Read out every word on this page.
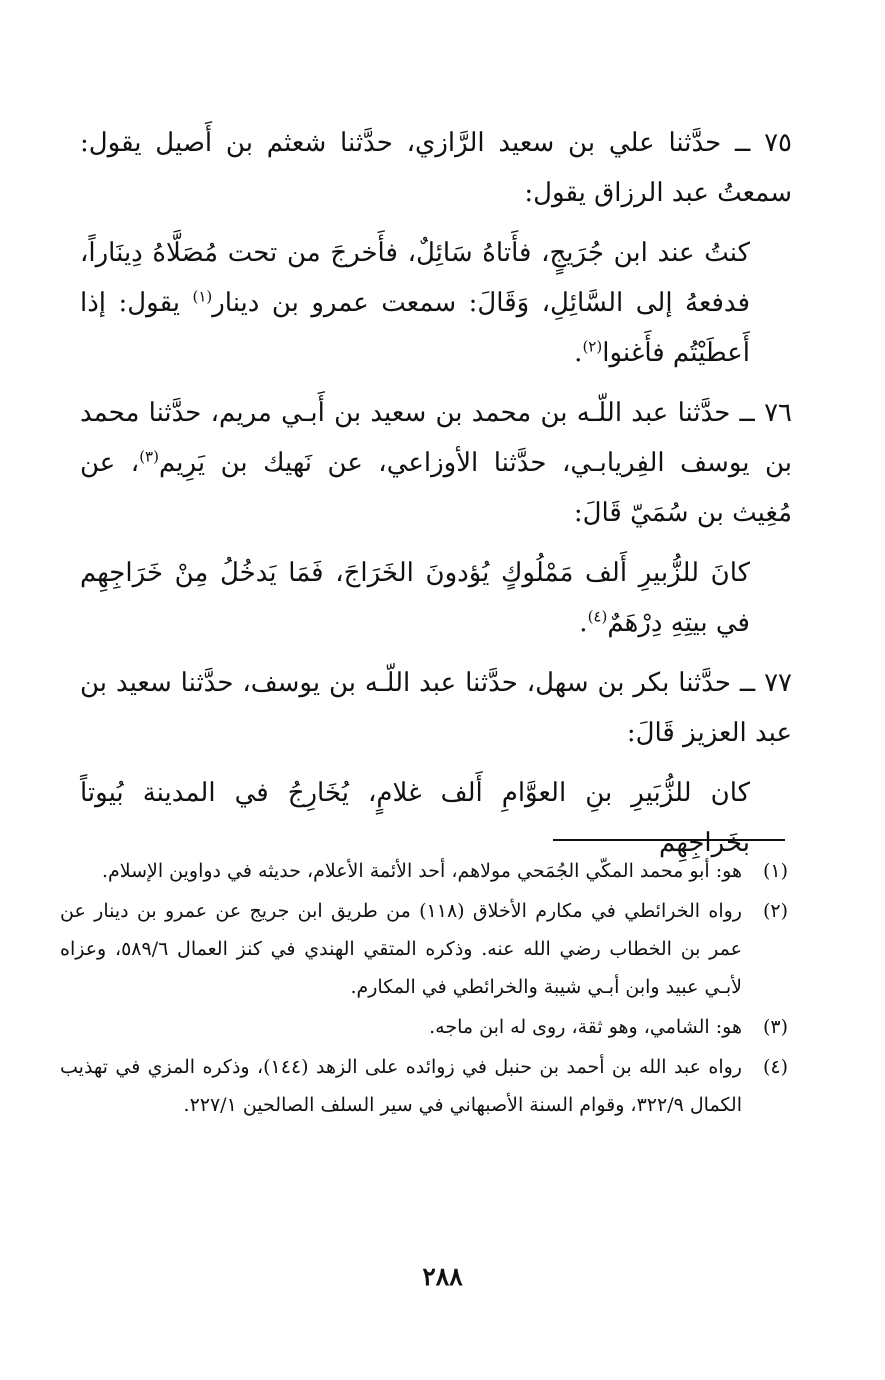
٧٥ ــ حدَّثنا علي بن سعيد الرَّازي، حدَّثنا شعثم بن أَصيل يقول: سمعتُ عبد الرزاق يقول:

كنتُ عند ابن جُرَيجٍ، فأَتاهُ سَائِلٌ، فأَخرجَ من تحت مُصَلَّاهُ دِينَاراً، فدفعهُ إلى السَّائِلِ، وَقَالَ: سمعت عمرو بن دينار$^{(١)}$ يقول: إذا أَعطَيْتُم فأَغنوا$^{(٢)}$.

٧٦ ــ حدَّثنا عبد اللّـه بن محمد بن سعيد بن أَبـي مريم، حدَّثنا محمد بن يوسف الفِريابـي، حدَّثنا الأوزاعي، عن نَهيك بن يَرِيم$^{(٣)}$، عن مُغِيث بن سُمَيّ قَالَ:

كانَ للزُّبيرِ أَلف مَمْلُوكٍ يُؤدونَ الخَرَاجَ، فَمَا يَدخُلُ مِنْ خَرَاجِهِم في بيتِهِ دِرْهَمٌ$^{(٤)}$.

٧٧ ــ حدَّثنا بكر بن سهل، حدَّثنا عبد اللّـه بن يوسف، حدَّثنا سعيد بن عبد العزيز قَالَ:

كان للزُّبَيرِ بنِ العوَّامِ أَلف غلامٍ، يُخَارِجُ في المدينة بُيوتاً بخَراجِهِم

(١)
هو: أبو محمد المكّي الجُمَحي مولاهم، أحد الأئمة الأعلام، حديثه في دواوين الإسلام.
(٢)
رواه الخرائطي في مكارم الأخلاق (١١٨) من طريق ابن جريج عن عمرو بن دينار عن عمر بن الخطاب رضي الله عنه. وذكره المتقي الهندي في كنز العمال ٥٨٩/٦، وعزاه لأبـي عبيد وابن أبـي شيبة والخرائطي في المكارم.
(٣)
هو: الشامي، وهو ثقة، روى له ابن ماجه.
(٤)
رواه عبد الله بن أحمد بن حنبل في زوائده على الزهد (١٤٤)، وذكره المزي في تهذيب الكمال ٣٢٢/٩، وقوام السنة الأصبهاني في سير السلف الصالحين ٢٢٧/١.
٢٨٨
